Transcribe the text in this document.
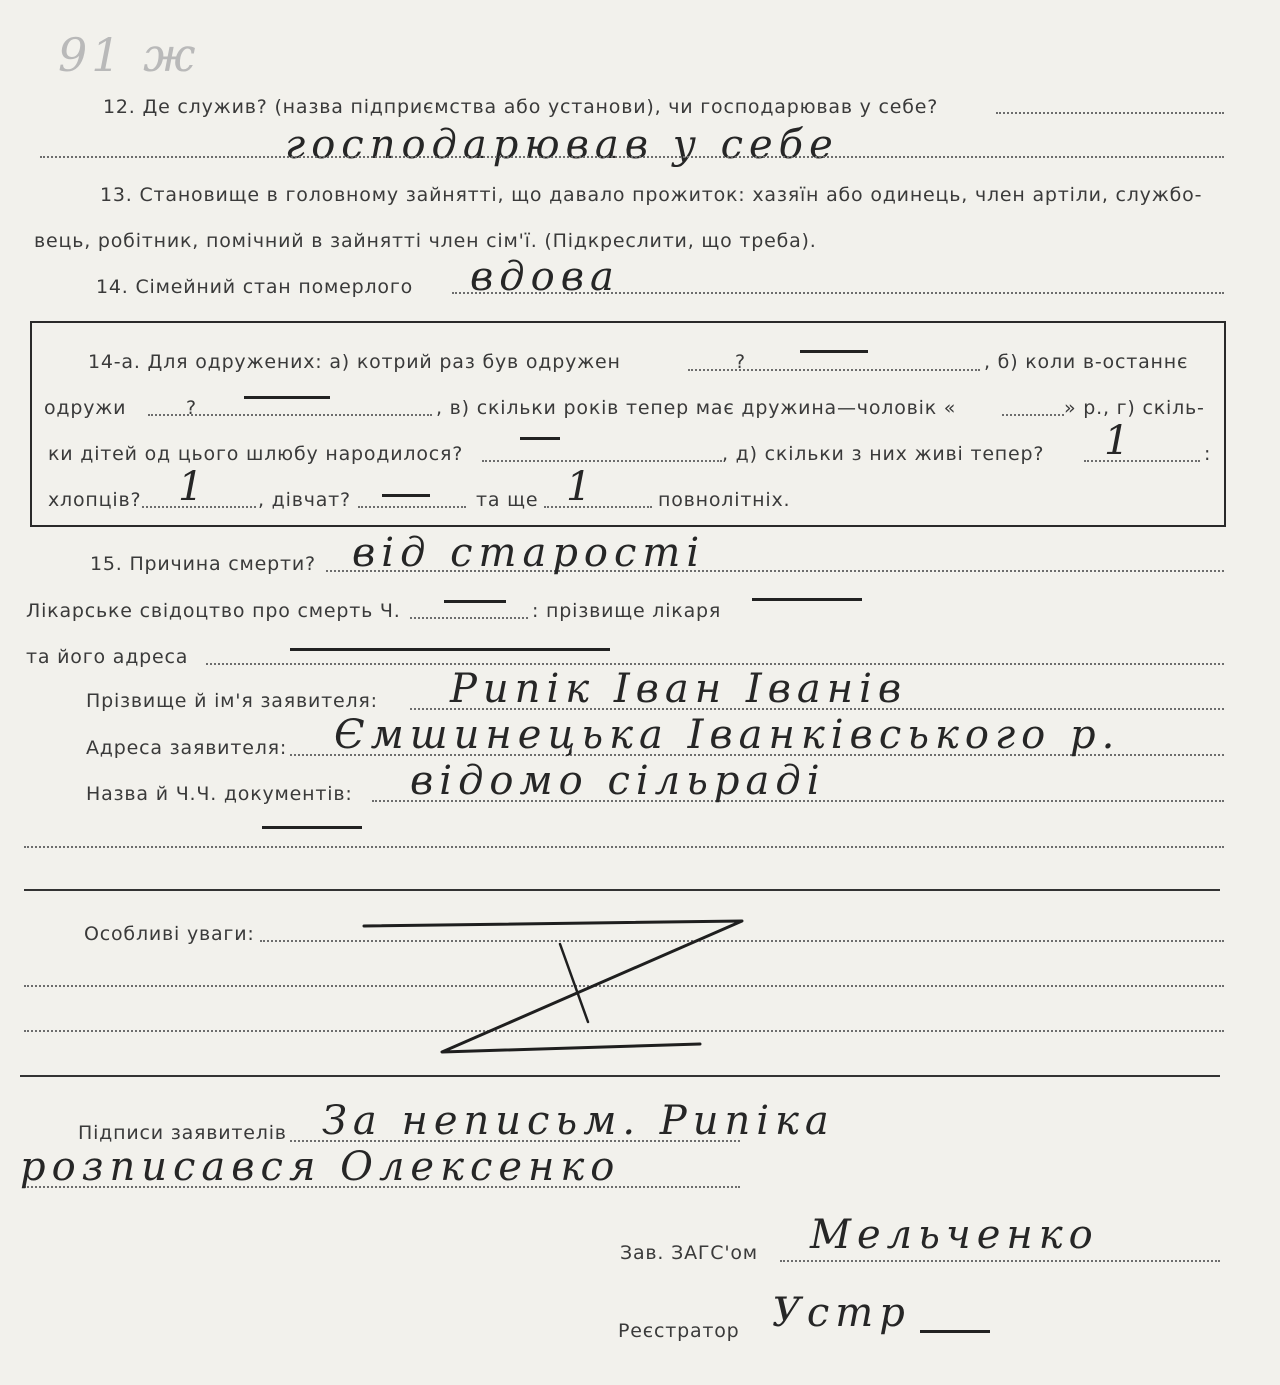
91 ж
12. Де служив? (назва підприємства або установи), чи господарював у себе?
господарював у себе
13. Становище в головному зайнятті, що давало прожиток: хазяїн або одинець, член артіли, службо-
вець, робітник, помічний в зайнятті член сім'ї. (Підкреслити, що треба).
14. Сімейний стан померлого вдова
14-а. Для одружених: а) котрий раз був одружен	?	, б) коли в-останнє
одружи	?	, в) скільки років тепер має дружина—чоловік «	» р., г) скіль-
ки дітей од цього шлюбу народилося?	, д) скільки з них живі тепер? 1	:
хлопців? 1	, дівчат?	та ще 1	повнолітніх.
15. Причина смерти? від старості
Лікарське свідоцтво про смерть Ч.	: прізвище лікаря
та його адреса
Прізвище й ім'я заявителя: Рипік Іван Іванів
Адреса заявителя: Ємшинецька Іванківського р.
Назва й Ч.Ч. документів: відомо сільраді
Особливі уваги:
Підписи заявителів За неписьм. Рипіка
розписався Олексенко
Зав. ЗАГС'ом Мельченко
Реєстратор Устр
